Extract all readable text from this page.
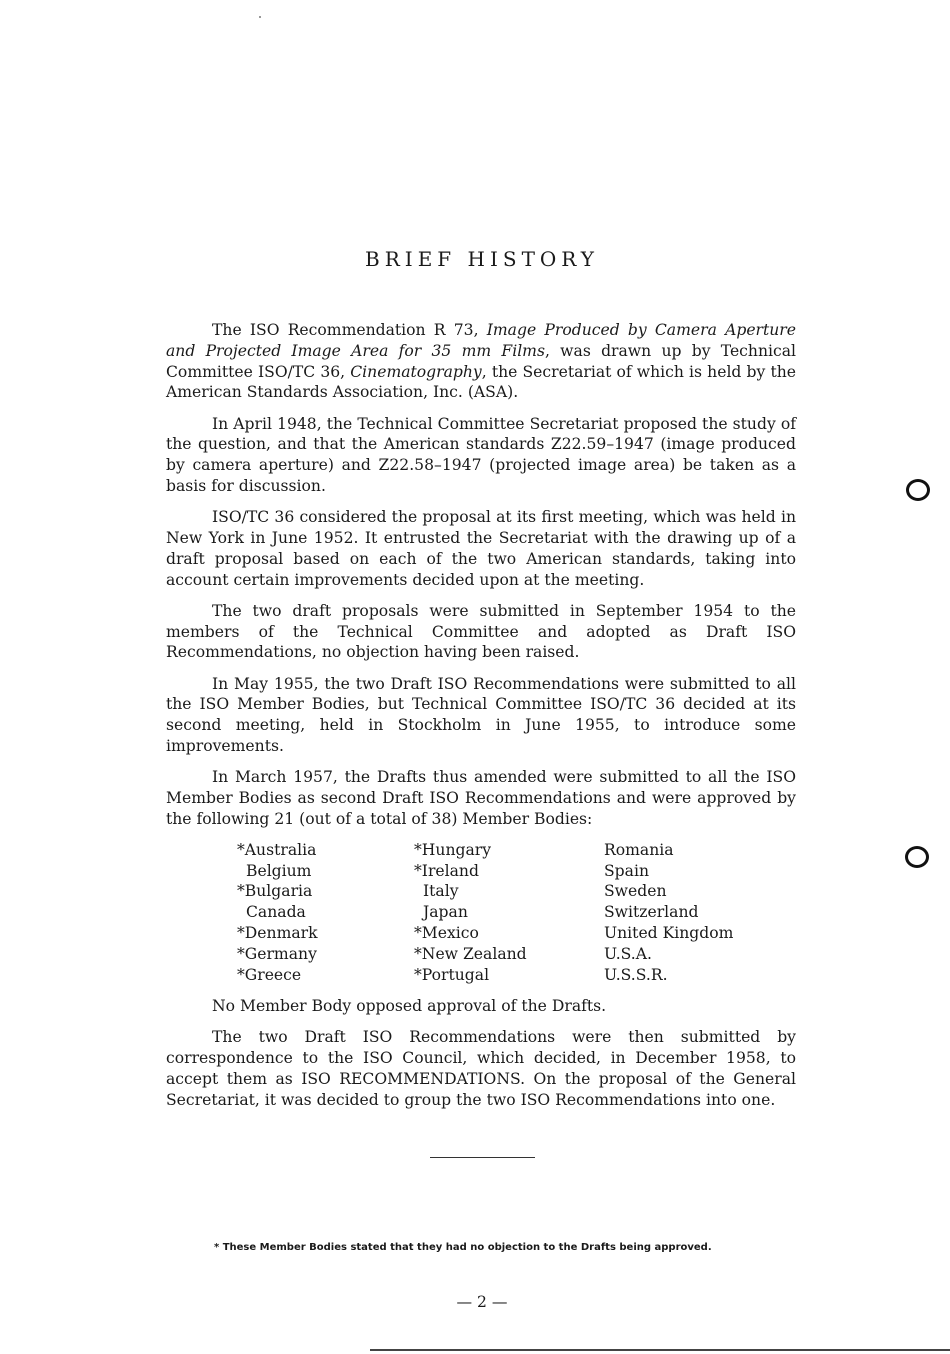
BRIEF HISTORY

The ISO Recommendation R 73, Image Produced by Camera Aperture and Projected Image Area for 35 mm Films, was drawn up by Technical Committee ISO/TC 36, Cinematography, the Secretariat of which is held by the American Standards Association, Inc. (ASA).

In April 1948, the Technical Committee Secretariat proposed the study of the question, and that the American standards Z22.59–1947 (image produced by camera aperture) and Z22.58–1947 (projected image area) be taken as a basis for discussion.

ISO/TC 36 considered the proposal at its first meeting, which was held in New York in June 1952. It entrusted the Secretariat with the drawing up of a draft proposal based on each of the two American standards, taking into account certain improvements decided upon at the meeting.

The two draft proposals were submitted in September 1954 to the members of the Technical Committee and adopted as Draft ISO Recommendations, no objection having been raised.

In May 1955, the two Draft ISO Recommendations were submitted to all the ISO Member Bodies, but Technical Committee ISO/TC 36 decided at its second meeting, held in Stockholm in June 1955, to introduce some improvements.

In March 1957, the Drafts thus amended were submitted to all the ISO Member Bodies as second Draft ISO Recommendations and were approved by the following 21 (out of a total of 38) Member Bodies:

*Australia
Belgium
*Bulgaria
Canada
*Denmark
*Germany
*Greece
*Hungary
*Ireland
Italy
Japan
*Mexico
*New Zealand
*Portugal
Romania
Spain
Sweden
Switzerland
United Kingdom
U.S.A.
U.S.S.R.

No Member Body opposed approval of the Drafts.

The two Draft ISO Recommendations were then submitted by correspondence to the ISO Council, which decided, in December 1958, to accept them as ISO RECOMMENDATIONS. On the proposal of the General Secretariat, it was decided to group the two ISO Recommendations into one.

* These Member Bodies stated that they had no objection to the Drafts being approved.
— 2 —
